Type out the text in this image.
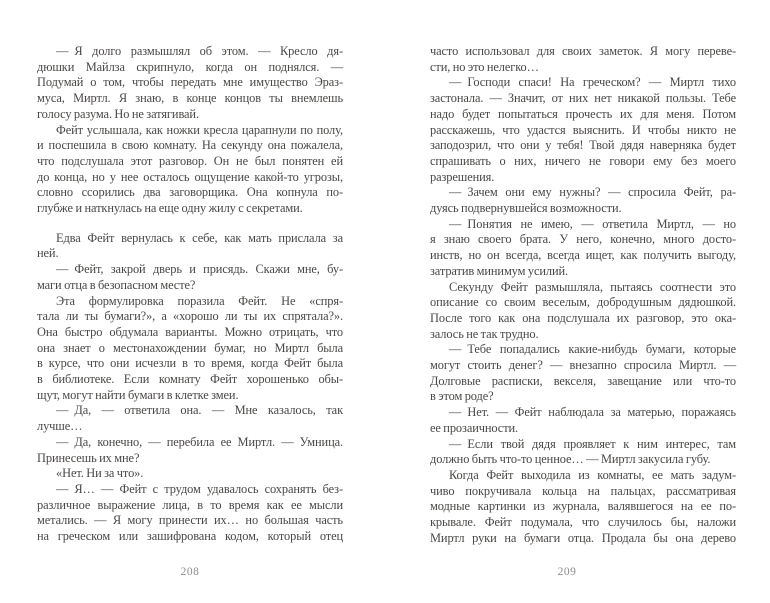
— Я долго размышлял об этом. — Кресло дя-
дюшки Майлза скрипнуло, когда он поднялся. —
Подумай о том, чтобы передать мне имущество Эраз-
муса, Миртл. Я знаю, в конце концов ты внемлешь
голосу разума. Но не затягивай.
Фейт услышала, как ножки кресла царапнули по полу,
и поспешила в свою комнату. На секунду она пожалела,
что подслушала этот разговор. Он не был понятен ей
до конца, но у нее осталось ощущение какой-то угрозы,
словно ссорились два заговорщика. Она копнула по-
глубже и наткнулась на еще одну жилу с секретами.
Едва Фейт вернулась к себе, как мать прислала за
ней.
— Фейт, закрой дверь и присядь. Скажи мне, бу-
маги отца в безопасном месте?
Эта формулировка поразила Фейт. Не «спря-
тала ли ты бумаги?», а «хорошо ли ты их спрятала?».
Она быстро обдумала варианты. Можно отрицать, что
она знает о местонахождении бумаг, но Миртл была
в курсе, что они исчезли в то время, когда Фейт была
в библиотеке. Если комнату Фейт хорошенько обы-
щут, могут найти бумаги в клетке змеи.
— Да, — ответила она. — Мне казалось, так
лучше…
— Да, конечно, — перебила ее Миртл. — Умница.
Принесешь их мне?
«Нет. Ни за что».
— Я… — Фейт с трудом удавалось сохранять без-
различное выражение лица, в то время как ее мысли
метались. — Я могу принести их… но большая часть
на греческом или зашифрована кодом, который отец
часто использовал для своих заметок. Я могу переве-
сти, но это нелегко…
— Господи спаси! На греческом? — Миртл тихо
застонала. — Значит, от них нет никакой пользы. Тебе
надо будет попытаться прочесть их для меня. Потом
расскажешь, что удастся выяснить. И чтобы никто не
заподозрил, что они у тебя! Твой дядя наверняка будет
спрашивать о них, ничего не говори ему без моего
разрешения.
— Зачем они ему нужны? — спросила Фейт, ра-
дуясь подвернувшейся возможности.
— Понятия не имею, — ответила Миртл, — но
я знаю своего брата. У него, конечно, много досто-
инств, но он всегда, всегда ищет, как получить выгоду,
затратив минимум усилий.
Секунду Фейт размышляла, пытаясь соотнести это
описание со своим веселым, добродушным дядюшкой.
После того как она подслушала их разговор, это ока-
залось не так трудно.
— Тебе попадались какие-нибудь бумаги, которые
могут стоить денег? — внезапно спросила Миртл. —
Долговые расписки, векселя, завещание или что-то
в этом роде?
— Нет. — Фейт наблюдала за матерью, поражаясь
ее прозаичности.
— Если твой дядя проявляет к ним интерес, там
должно быть что-то ценное… — Миртл закусила губу.
Когда Фейт выходила из комнаты, ее мать задум-
чиво покручивала кольца на пальцах, рассматривая
модные картинки из журнала, валявшегося на ее по-
крывале. Фейт подумала, что случилось бы, наложи
Миртл руки на бумаги отца. Продала бы она дерево
208	209
